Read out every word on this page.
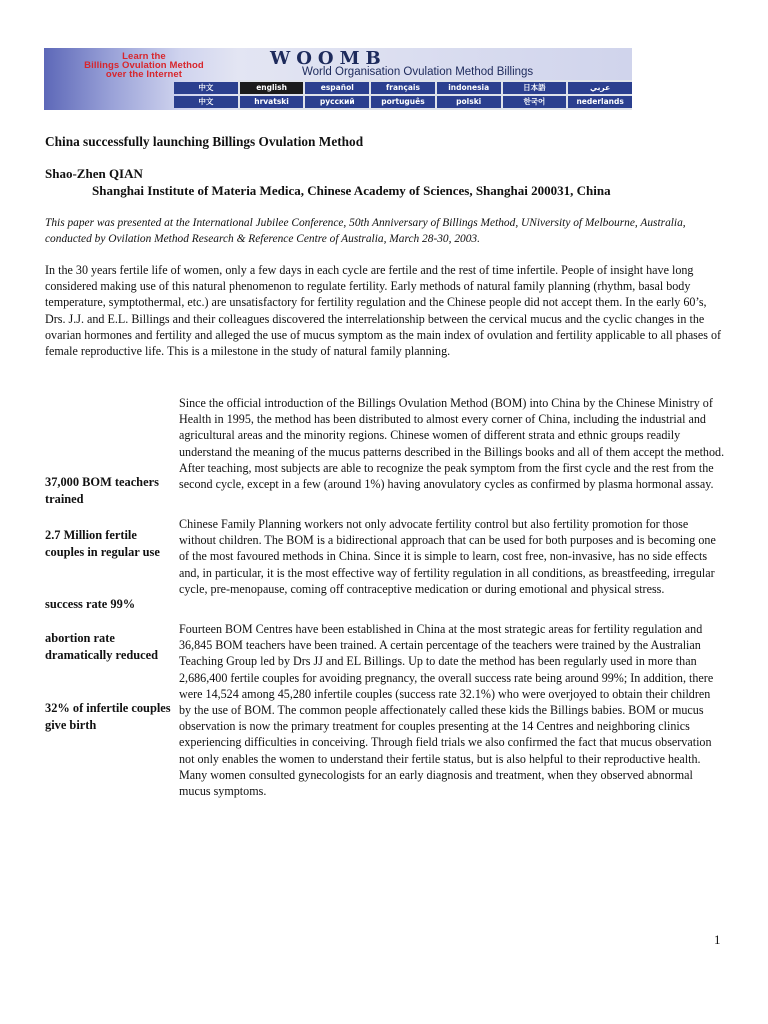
Learn the
Billings Ovulation Method
over the Internet
WOOMB
World Organisation Ovulation Method Billings
中文	english	español	français	indonesia	日本語	عربي
中文	hrvatski	русский	português	polski	한국어	nederlands
China successfully launching Billings Ovulation Method
Shao-Zhen QIAN
Shanghai Institute of Materia Medica, Chinese Academy of Sciences, Shanghai 200031, China
This paper was presented at the International Jubilee Conference, 50th Anniversary of Billings Method, UNiversity of Melbourne, Australia, conducted by Ovilation Method Research & Reference Centre of Australia, March 28-30, 2003.
In the 30 years fertile life of women, only a few days in each cycle are fertile and the rest of time infertile. People of insight have long considered making use of this natural phenomenon to regulate fertility. Early methods of natural family planning (rhythm, basal body temperature, symptothermal, etc.) are unsatisfactory for fertility regulation and the Chinese people did not accept them. In the early 60’s, Drs. J.J. and E.L. Billings and their colleagues discovered the interrelationship between the cervical mucus and the cyclic changes in the ovarian hormones and fertility and alleged the use of mucus symptom as the main index of ovulation and fertility applicable to all phases of female reproductive life. This is a milestone in the study of natural family planning.
Since the official introduction of the Billings Ovulation Method (BOM) into China by the Chinese Ministry of Health in 1995, the method has been distributed to almost every corner of China, including the industrial and agricultural areas and the minority regions. Chinese women of different strata and ethnic groups readily understand the meaning of the mucus patterns described in the Billings books and all of them accept the method. After teaching, most subjects are able to recognize the peak symptom from the first cycle and the rest from the second cycle, except in a few (around 1%) having anovulatory cycles as confirmed by plasma hormonal assay.
Chinese Family Planning workers not only advocate fertility control but also fertility promotion for those without children. The BOM is a bidirectional approach that can be used for both purposes and is becoming one of the most favoured methods in China. Since it is simple to learn, cost free, non-invasive, has no side effects and, in particular, it is the most effective way of fertility regulation in all conditions, as breastfeeding, irregular cycle, pre-menopause, coming off contraceptive medication or during emotional and physical stress.
Fourteen BOM Centres have been established in China at the most strategic areas for fertility regulation and 36,845 BOM teachers have been trained. A certain percentage of the teachers were trained by the Australian Teaching Group led by Drs JJ and EL Billings. Up to date the method has been regularly used in more than 2,686,400 fertile couples for avoiding pregnancy, the overall success rate being around 99%; In addition, there were 14,524 among 45,280 infertile couples (success rate 32.1%) who were overjoyed to obtain their children by the use of BOM. The common people affectionately called these kids the Billings babies. BOM or mucus observation is now the primary treatment for couples presenting at the 14 Centres and neighboring clinics experiencing difficulties in conceiving. Through field trials we also confirmed the fact that mucus observation not only enables the women to understand their fertile status, but is also helpful to their reproductive health. Many women consulted gynecologists for an early diagnosis and treatment, when they observed abnormal mucus symptoms.
37,000 BOM teachers trained
2.7 Million fertile couples in regular use
success rate 99%
abortion rate dramatically reduced
32% of infertile couples give birth
1
